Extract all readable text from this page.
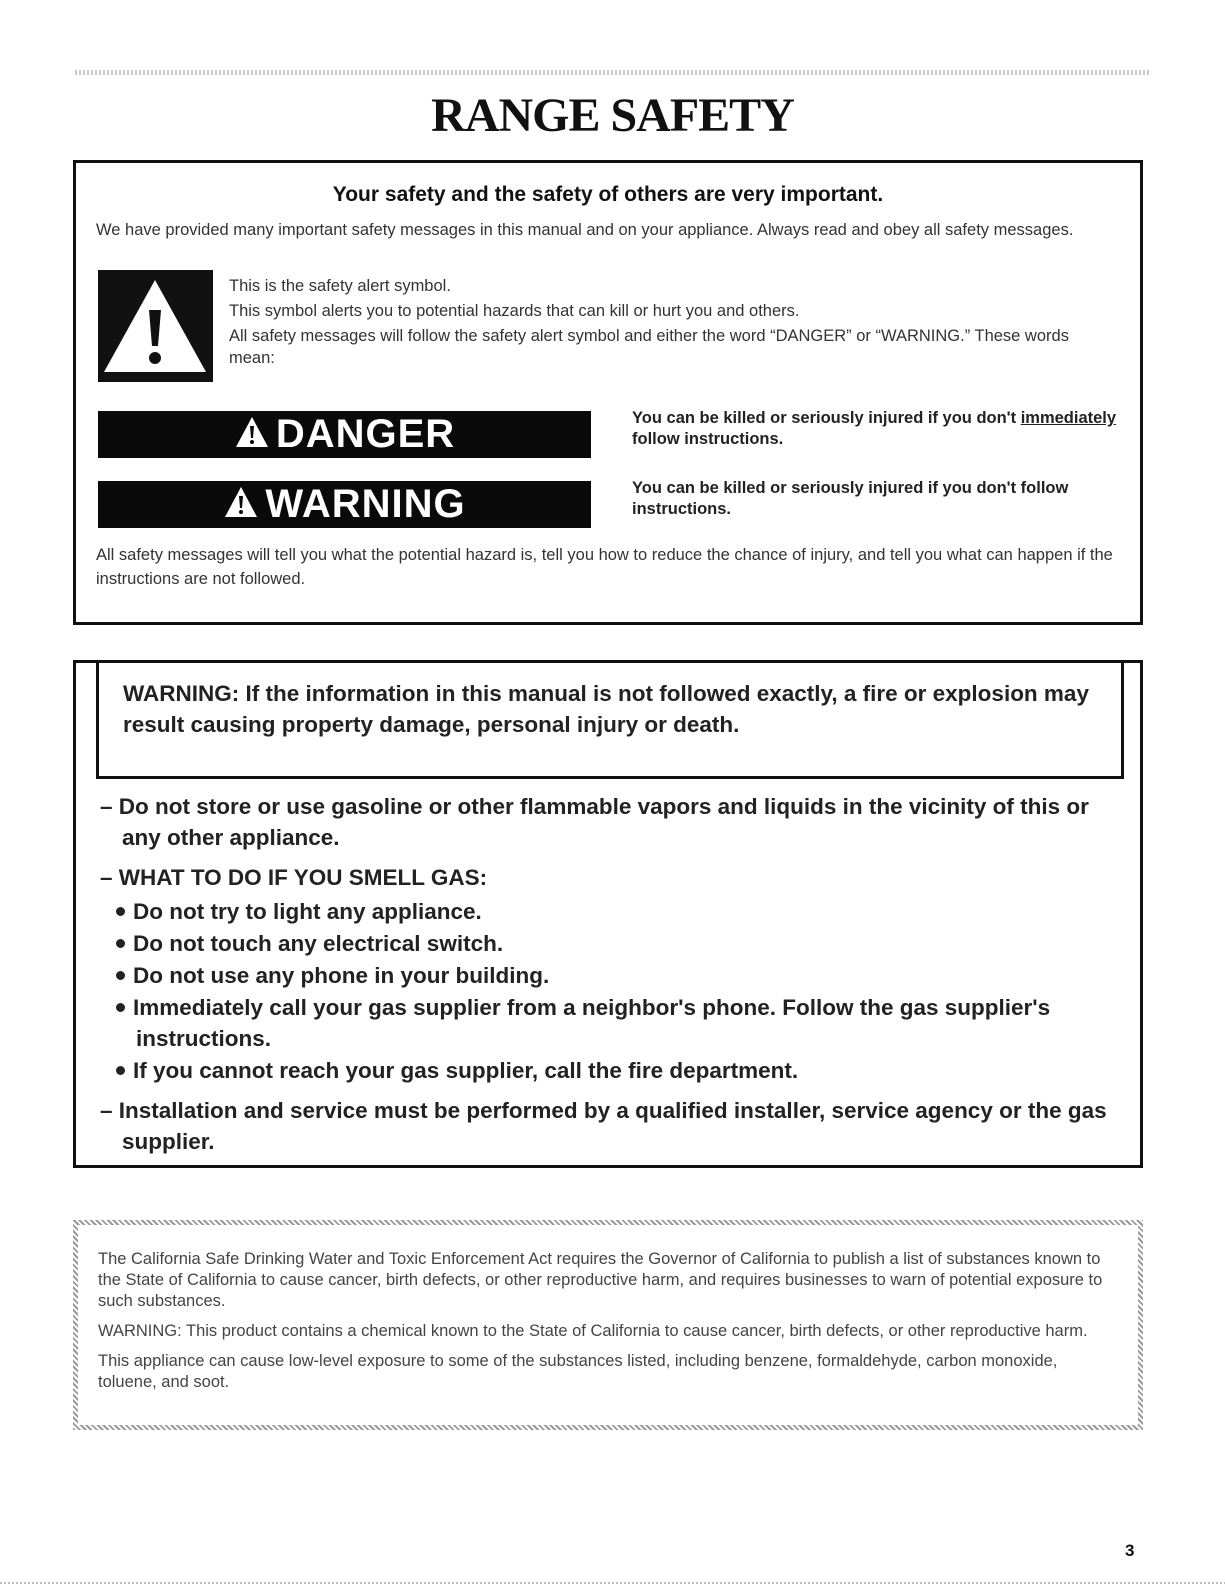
RANGE SAFETY
Your safety and the safety of others are very important.
We have provided many important safety messages in this manual and on your appliance. Always read and obey all safety messages.
This is the safety alert symbol.
This symbol alerts you to potential hazards that can kill or hurt you and others.
All safety messages will follow the safety alert symbol and either the word “DANGER” or “WARNING.” These words mean:
DANGER	You can be killed or seriously injured if you don't immediately follow instructions.
WARNING	You can be killed or seriously injured if you don't follow instructions.
All safety messages will tell you what the potential hazard is, tell you how to reduce the chance of injury, and tell you what can happen if the instructions are not followed.
WARNING: If the information in this manual is not followed exactly, a fire or explosion may result causing property damage, personal injury or death.
– Do not store or use gasoline or other flammable vapors and liquids in the vicinity of this or any other appliance.
– WHAT TO DO IF YOU SMELL GAS:
Do not try to light any appliance.
Do not touch any electrical switch.
Do not use any phone in your building.
Immediately call your gas supplier from a neighbor's phone. Follow the gas supplier's instructions.
If you cannot reach your gas supplier, call the fire department.
– Installation and service must be performed by a qualified installer, service agency or the gas supplier.

The California Safe Drinking Water and Toxic Enforcement Act requires the Governor of California to publish a list of substances known to the State of California to cause cancer, birth defects, or other reproductive harm, and requires businesses to warn of potential exposure to such substances.

WARNING: This product contains a chemical known to the State of California to cause cancer, birth defects, or other reproductive harm.

This appliance can cause low-level exposure to some of the substances listed, including benzene, formaldehyde, carbon monoxide, toluene, and soot.

3
